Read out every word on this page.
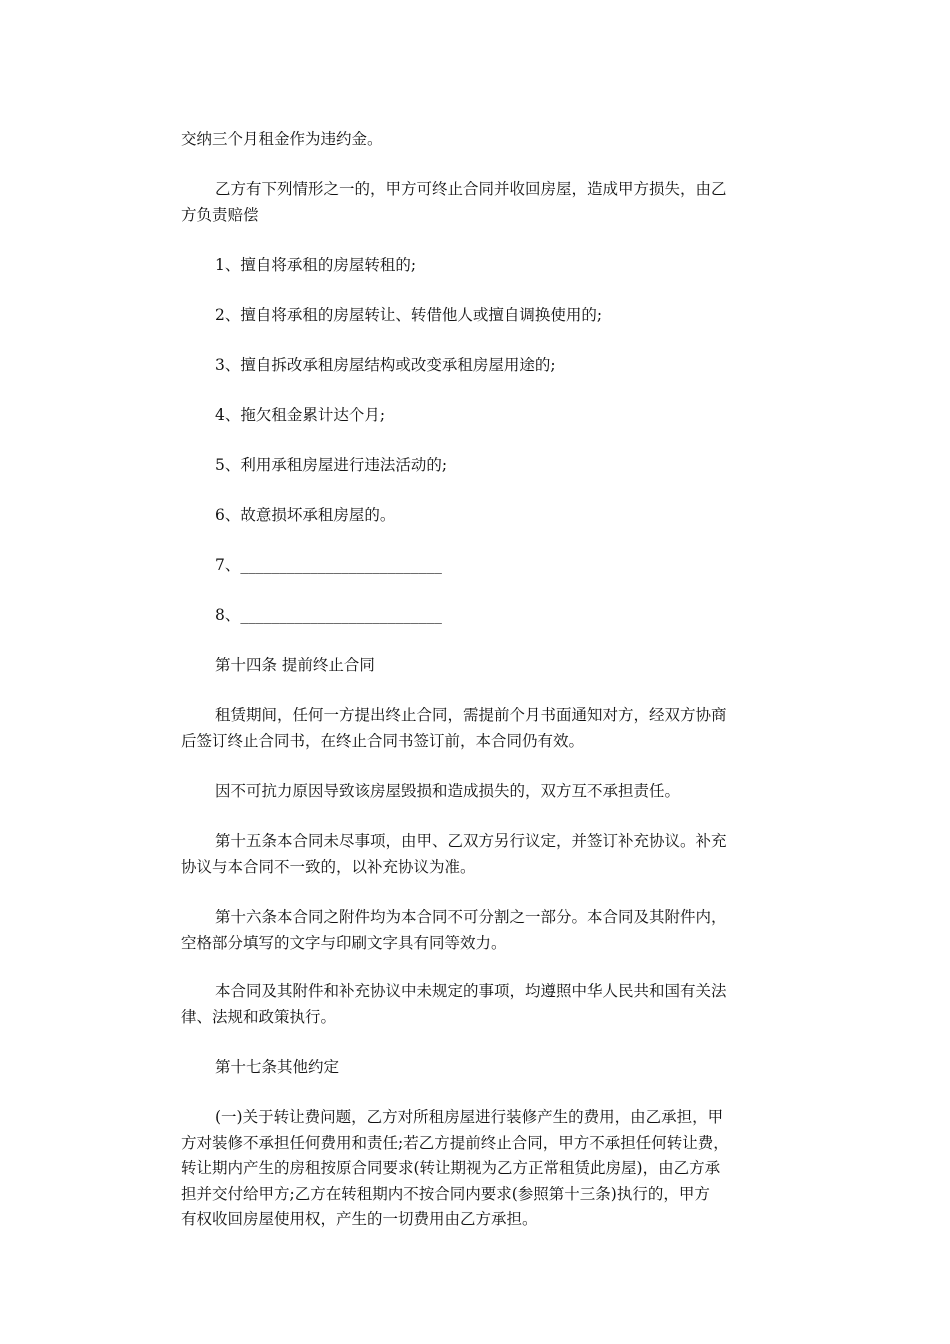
交纳三个月租金作为违约金。

乙方有下列情形之一的，甲方可终止合同并收回房屋，造成甲方损失，由乙
方负责赔偿

1、擅自将承租的房屋转租的;

2、擅自将承租的房屋转让、转借他人或擅自调换使用的;

3、擅自拆改承租房屋结构或改变承租房屋用途的;

4、拖欠租金累计达个月;

5、利用承租房屋进行违法活动的;

6、故意损坏承租房屋的。

7、__________________________

8、__________________________

第十四条 提前终止合同

租赁期间，任何一方提出终止合同，需提前个月书面通知对方，经双方协商
后签订终止合同书，在终止合同书签订前，本合同仍有效。

因不可抗力原因导致该房屋毁损和造成损失的，双方互不承担责任。

第十五条本合同未尽事项，由甲、乙双方另行议定，并签订补充协议。补充
协议与本合同不一致的，以补充协议为准。

第十六条本合同之附件均为本合同不可分割之一部分。本合同及其附件内，
空格部分填写的文字与印刷文字具有同等效力。

本合同及其附件和补充协议中未规定的事项，均遵照中华人民共和国有关法
律、法规和政策执行。

第十七条其他约定

(一)关于转让费问题，乙方对所租房屋进行装修产生的费用，由乙承担，甲
方对装修不承担任何费用和责任;若乙方提前终止合同，甲方不承担任何转让费，
转让期内产生的房租按原合同要求(转让期视为乙方正常租赁此房屋)，由乙方承
担并交付给甲方;乙方在转租期内不按合同内要求(参照第十三条)执行的，甲方
有权收回房屋使用权，产生的一切费用由乙方承担。
